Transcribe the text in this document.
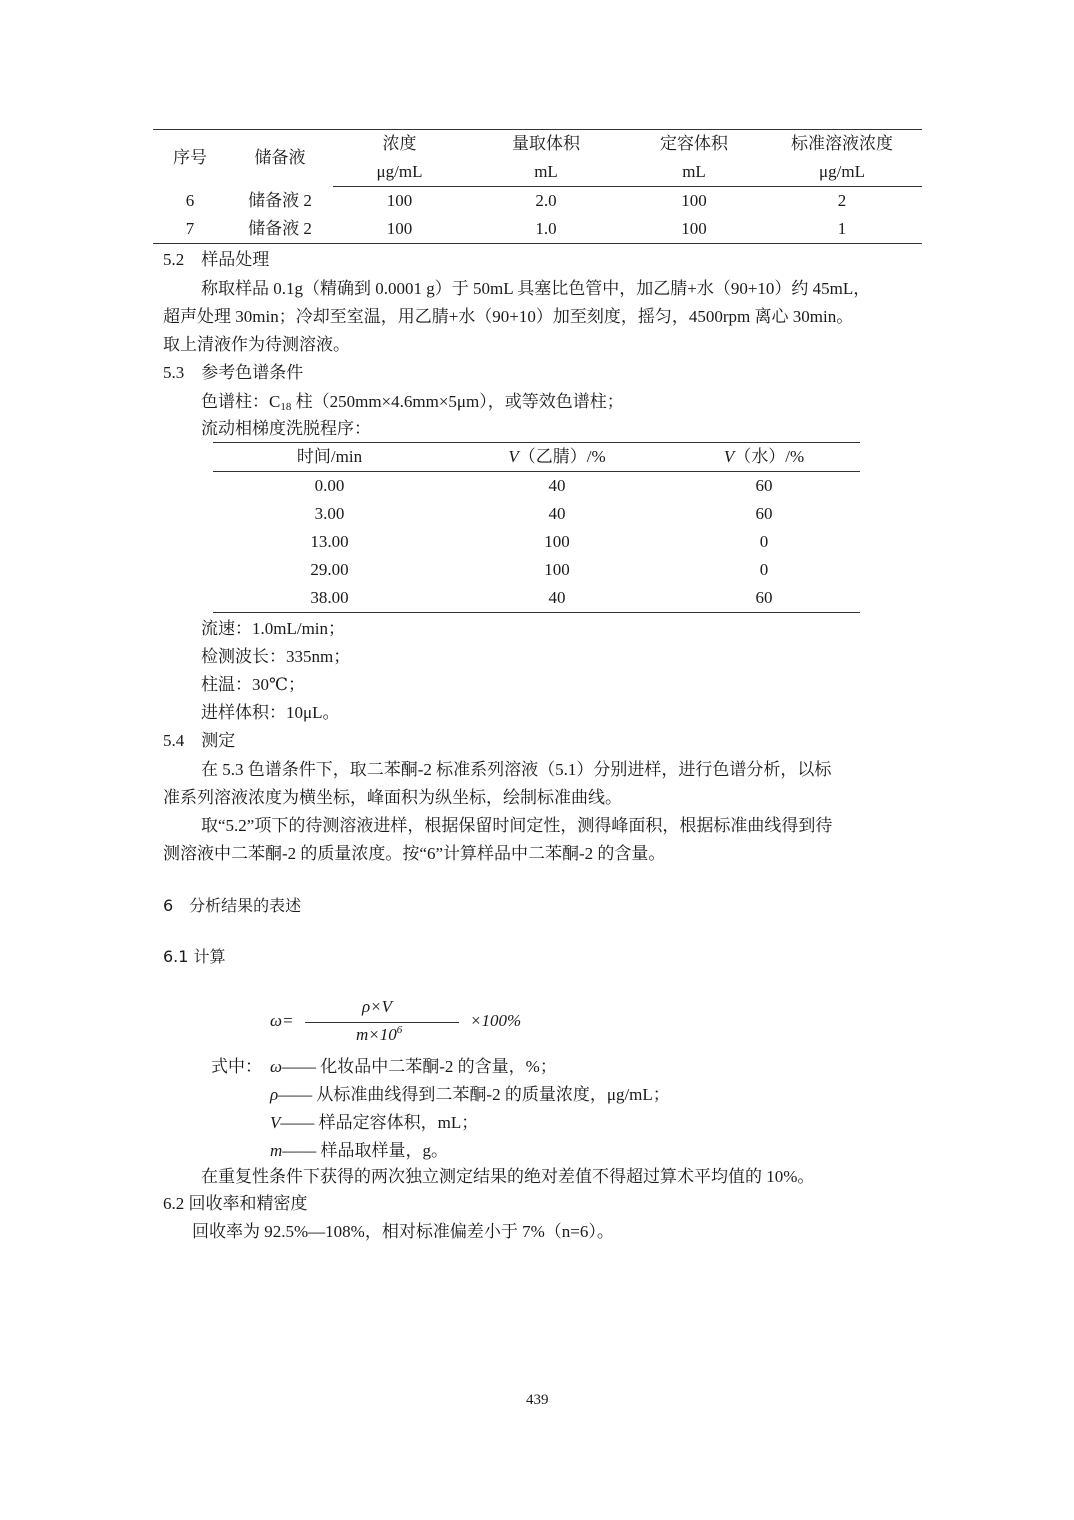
序号	储备液	浓度	量取体积	定容体积	标准溶液浓度
		μg/mL	mL	mL	μg/mL
6	储备液 2	100	2.0	100	2
7	储备液 2	100	1.0	100	1
5.2　样品处理
称取样品 0.1g（精确到 0.0001 g）于 50mL 具塞比色管中，加乙腈+水（90+10）约 45mL，
超声处理 30min；冷却至室温，用乙腈+水（90+10）加至刻度，摇匀，4500rpm 离心 30min。
取上清液作为待测溶液。
5.3　参考色谱条件
色谱柱：$C_{18}$ 柱（250mm×4.6mm×5μm），或等效色谱柱；
流动相梯度洗脱程序：
时间/min	V（乙腈）/%	V（水）/%
0.00	40	60
3.00	40	60
13.00	100	0
29.00	100	0
38.00	40	60
流速：1.0mL/min；
检测波长：335nm；
柱温：30℃；
进样体积：10μL。
5.4　测定
在 5.3 色谱条件下，取二苯酮-2 标准系列溶液（5.1）分别进样，进行色谱分析，以标
准系列溶液浓度为横坐标，峰面积为纵坐标，绘制标准曲线。
取“5.2”项下的待测溶液进样，根据保留时间定性，测得峰面积，根据标准曲线得到待
测溶液中二苯酮-2 的质量浓度。按“6”计算样品中二苯酮-2 的含量。
6　分析结果的表述
6.1 计算
ω=
ρ×V
$m\times 10^6$	×100%
式中： ω—— 化妆品中二苯酮-2 的含量，%；
ρ—— 从标准曲线得到二苯酮-2 的质量浓度，μg/mL；
V—— 样品定容体积，mL；
m—— 样品取样量，g。
在重复性条件下获得的两次独立测定结果的绝对差值不得超过算术平均值的 10%。
6.2 回收率和精密度
回收率为 92.5%—108%，相对标准偏差小于 7%（n=6）。
439
